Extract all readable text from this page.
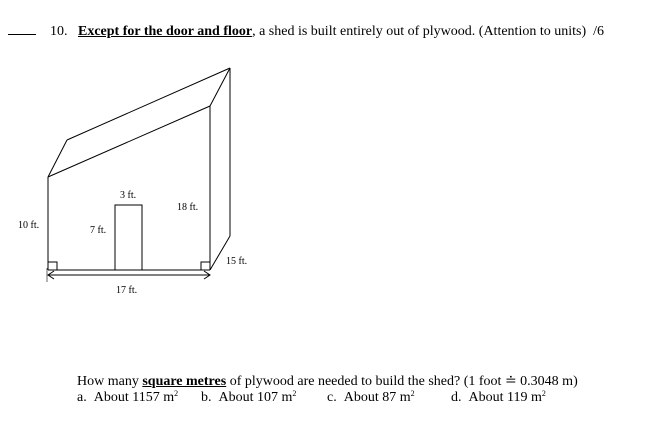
10. Except for the door and floor, a shed is built entirely out of plywood. (Attention to units) /6
10 ft.	7 ft.
3 ft.
18 ft.
15 ft.
17 ft.
How many square metres of plywood are needed to build the shed? (1 foot ≐ 0.3048 m)
a. About 1157 $m^2$ b. About 107 $m^2$ c. About 87 $m^2$	d. About 119 $m^2$
